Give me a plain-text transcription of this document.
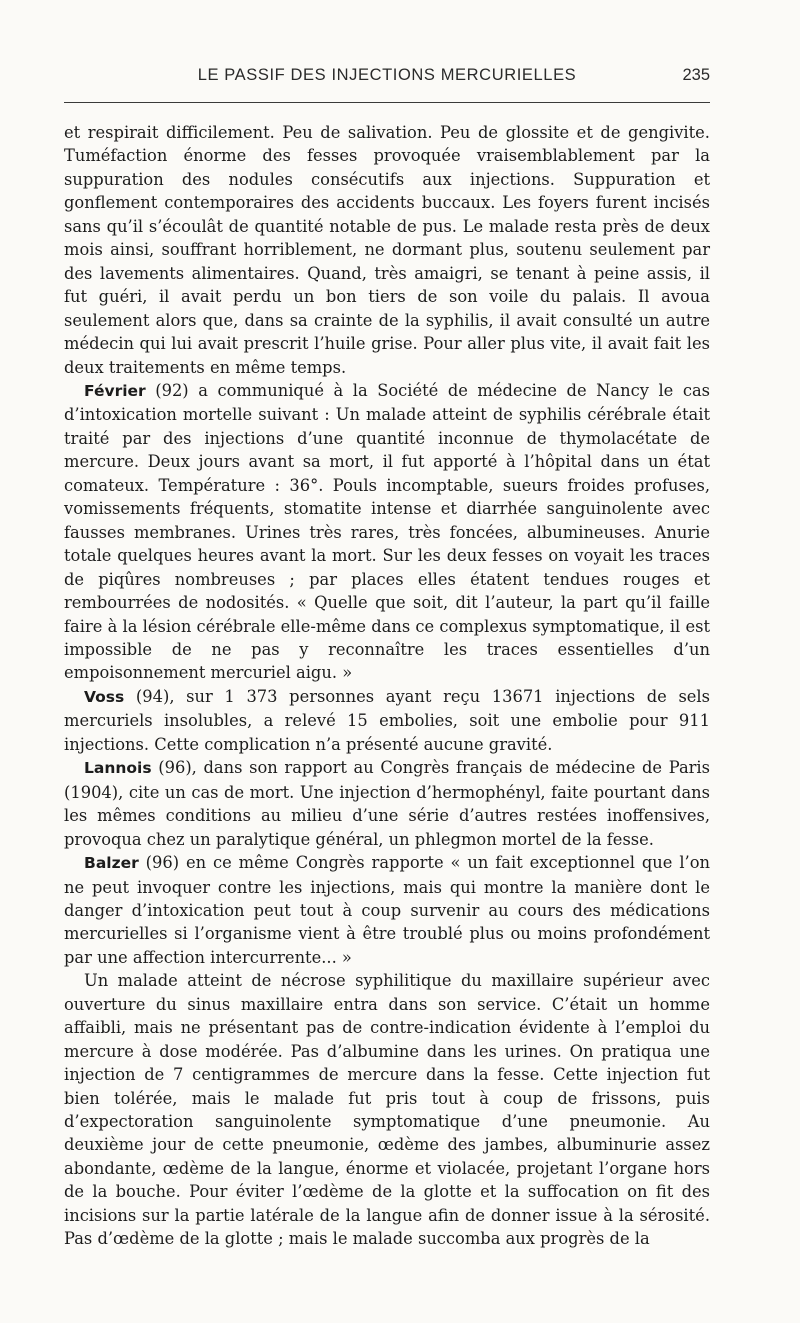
LE PASSIF DES INJECTIONS MERCURIELLES	235

et respirait difficilement. Peu de salivation. Peu de glossite et de gengivite. Tuméfaction énorme des fesses provoquée vraisemblablement par la suppuration des nodules consécutifs aux injections. Suppuration et gonflement contemporaires des accidents buccaux. Les foyers furent incisés sans qu’il s’écoulât de quantité notable de pus. Le malade resta près de deux mois ainsi, souffrant horriblement, ne dormant plus, soutenu seulement par des lavements alimentaires. Quand, très amaigri, se tenant à peine assis, il fut guéri, il avait perdu un bon tiers de son voile du palais. Il avoua seulement alors que, dans sa crainte de la syphilis, il avait consulté un autre médecin qui lui avait prescrit l’huile grise. Pour aller plus vite, il avait fait les deux traitements en même temps.

Février (92) a communiqué à la Société de médecine de Nancy le cas d’intoxication mortelle suivant : Un malade atteint de syphilis cérébrale était traité par des injections d’une quantité inconnue de thymolacétate de mercure. Deux jours avant sa mort, il fut apporté à l’hôpital dans un état comateux. Température : 36°. Pouls incomptable, sueurs froides profuses, vomissements fréquents, stomatite intense et diarrhée sanguinolente avec fausses membranes. Urines très rares, très foncées, albumineuses. Anurie totale quelques heures avant la mort. Sur les deux fesses on voyait les traces de piqûres nombreuses ; par places elles étatent tendues rouges et rembourrées de nodosités. « Quelle que soit, dit l’auteur, la part qu’il faille faire à la lésion cérébrale elle-même dans ce complexus symptomatique, il est impossible de ne pas y reconnaître les traces essentielles d’un empoisonnement mercuriel aigu. »

Voss (94), sur 1 373 personnes ayant reçu 13671 injections de sels mercuriels insolubles, a relevé 15 embolies, soit une embolie pour 911 injections. Cette complication n’a présenté aucune gravité.

Lannois (96), dans son rapport au Congrès français de médecine de Paris (1904), cite un cas de mort. Une injection d’hermophényl, faite pourtant dans les mêmes conditions au milieu d’une série d’autres restées inoffensives, provoqua chez un paralytique général, un phlegmon mortel de la fesse.

Balzer (96) en ce même Congrès rapporte « un fait exceptionnel que l’on ne peut invoquer contre les injections, mais qui montre la manière dont le danger d’intoxication peut tout à coup survenir au cours des médications mercurielles si l’organisme vient à être troublé plus ou moins profondément par une affection intercurrente... »

Un malade atteint de nécrose syphilitique du maxillaire supérieur avec ouverture du sinus maxillaire entra dans son service. C’était un homme affaibli, mais ne présentant pas de contre-indication évidente à l’emploi du mercure à dose modérée. Pas d’albumine dans les urines. On pratiqua une injection de 7 centigrammes de mercure dans la fesse. Cette injection fut bien tolérée, mais le malade fut pris tout à coup de frissons, puis d’expectoration sanguinolente symptomatique d’une pneumonie. Au deuxième jour de cette pneumonie, œdème des jambes, albuminurie assez abondante, œdème de la langue, énorme et violacée, projetant l’organe hors de la bouche. Pour éviter l’œdème de la glotte et la suffocation on fit des incisions sur la partie latérale de la langue afin de donner issue à la sérosité. Pas d’œdème de la glotte ; mais le malade succomba aux progrès de la
